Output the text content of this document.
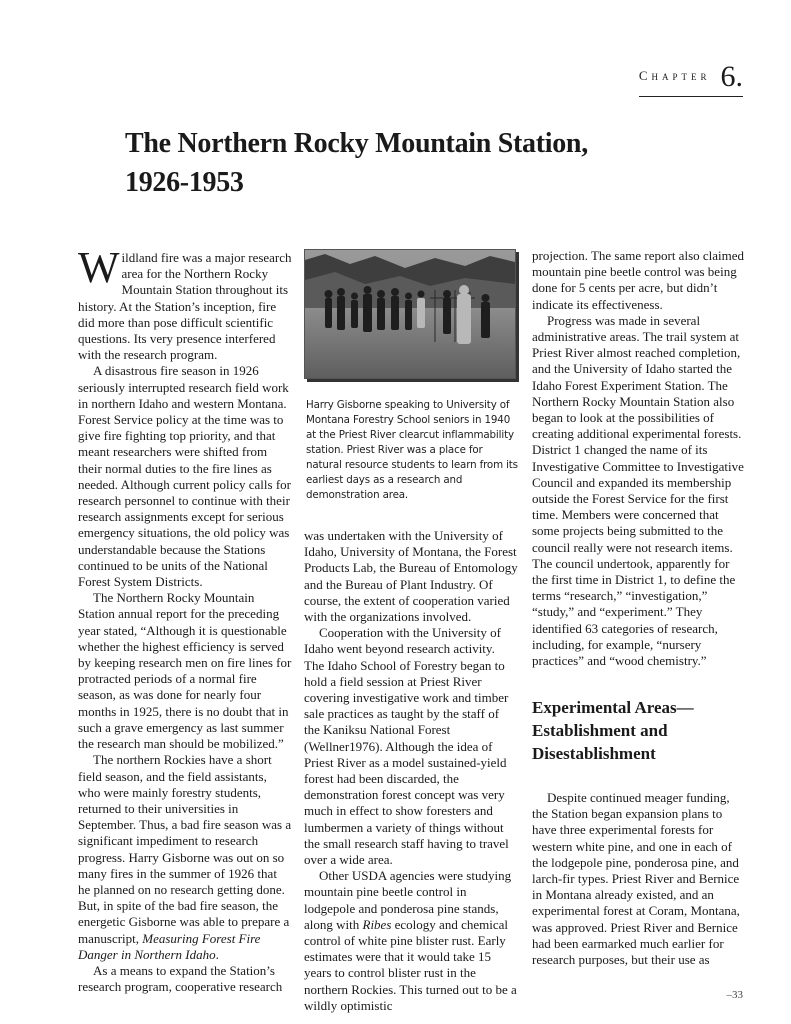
$^{Chapter}$ 6.
The Northern Rocky Mountain Station,
1926-1953

Wildland fire was a major research area for the Northern Rocky Mountain Station throughout its history. At the Station’s inception, fire did more than pose difficult scientific questions. Its very presence interfered with the research program.

A disastrous fire season in 1926 seriously interrupted research field work in northern Idaho and western Montana. Forest Service policy at the time was to give fire fighting top priority, and that meant researchers were shifted from their normal duties to the fire lines as needed. Although current policy calls for research personnel to continue with their research assignments except for serious emergency situations, the old policy was understandable because the Stations continued to be units of the National Forest System Districts.

The Northern Rocky Mountain Station annual report for the preceding year stated, “Although it is questionable whether the highest efficiency is served by keeping research men on fire lines for protracted periods of a normal fire season, as was done for nearly four months in 1925, there is no doubt that in such a grave emergency as last summer the research man should be mobilized.”

The northern Rockies have a short field season, and the field assistants, who were mainly forestry students, returned to their universities in September. Thus, a bad fire season was a significant impediment to research progress. Harry Gisborne was out on so many fires in the summer of 1926 that he planned on no research getting done. But, in spite of the bad fire season, the energetic Gisborne was able to prepare a manuscript, Measuring Forest Fire Danger in Northern Idaho.

As a means to expand the Station’s research program, cooperative research

Harry Gisborne speaking to University of Montana Forestry School seniors in 1940 at the Priest River clearcut inflammability station. Priest River was a place for natural resource students to learn from its earliest days as a research and demonstration area.

was undertaken with the University of Idaho, University of Montana, the Forest Products Lab, the Bureau of Entomology and the Bureau of Plant Industry. Of course, the extent of cooperation varied with the organizations involved.

Cooperation with the University of Idaho went beyond research activity. The Idaho School of Forestry began to hold a field session at Priest River covering investigative work and timber sale practices as taught by the staff of the Kaniksu National Forest (Wellner1976). Although the idea of Priest River as a model sustained-yield forest had been discarded, the demonstration forest concept was very much in effect to show foresters and lumbermen a variety of things without the small research staff having to travel over a wide area.

Other USDA agencies were studying mountain pine beetle control in lodgepole and ponderosa pine stands, along with Ribes ecology and chemical control of white pine blister rust. Early estimates were that it would take 15 years to control blister rust in the northern Rockies. This turned out to be a wildly optimistic

projection. The same report also claimed mountain pine beetle control was being done for 5 cents per acre, but didn’t indicate its effectiveness.

Progress was made in several administrative areas. The trail system at Priest River almost reached completion, and the University of Idaho started the Idaho Forest Experiment Station. The Northern Rocky Mountain Station also began to look at the possibilities of creating additional experimental forests. District 1 changed the name of its Investigative Committee to Investigative Council and expanded its membership outside the Forest Service for the first time. Members were concerned that some projects being submitted to the council really were not research items. The council undertook, apparently for the first time in District 1, to define the terms “research,” “investigation,” “study,” and “experiment.” They identified 63 categories of research, including, for example, “nursery practices” and “wood chemistry.”

Experimental Areas—
Establishment and
Disestablishment

Despite continued meager funding, the Station began expansion plans to have three experimental forests for western white pine, and one in each of the lodgepole pine, ponderosa pine, and larch-fir types. Priest River and Bernice in Montana already existed, and an experimental forest at Coram, Montana, was approved. Priest River and Bernice had been earmarked much earlier for research purposes, but their use as

–33
